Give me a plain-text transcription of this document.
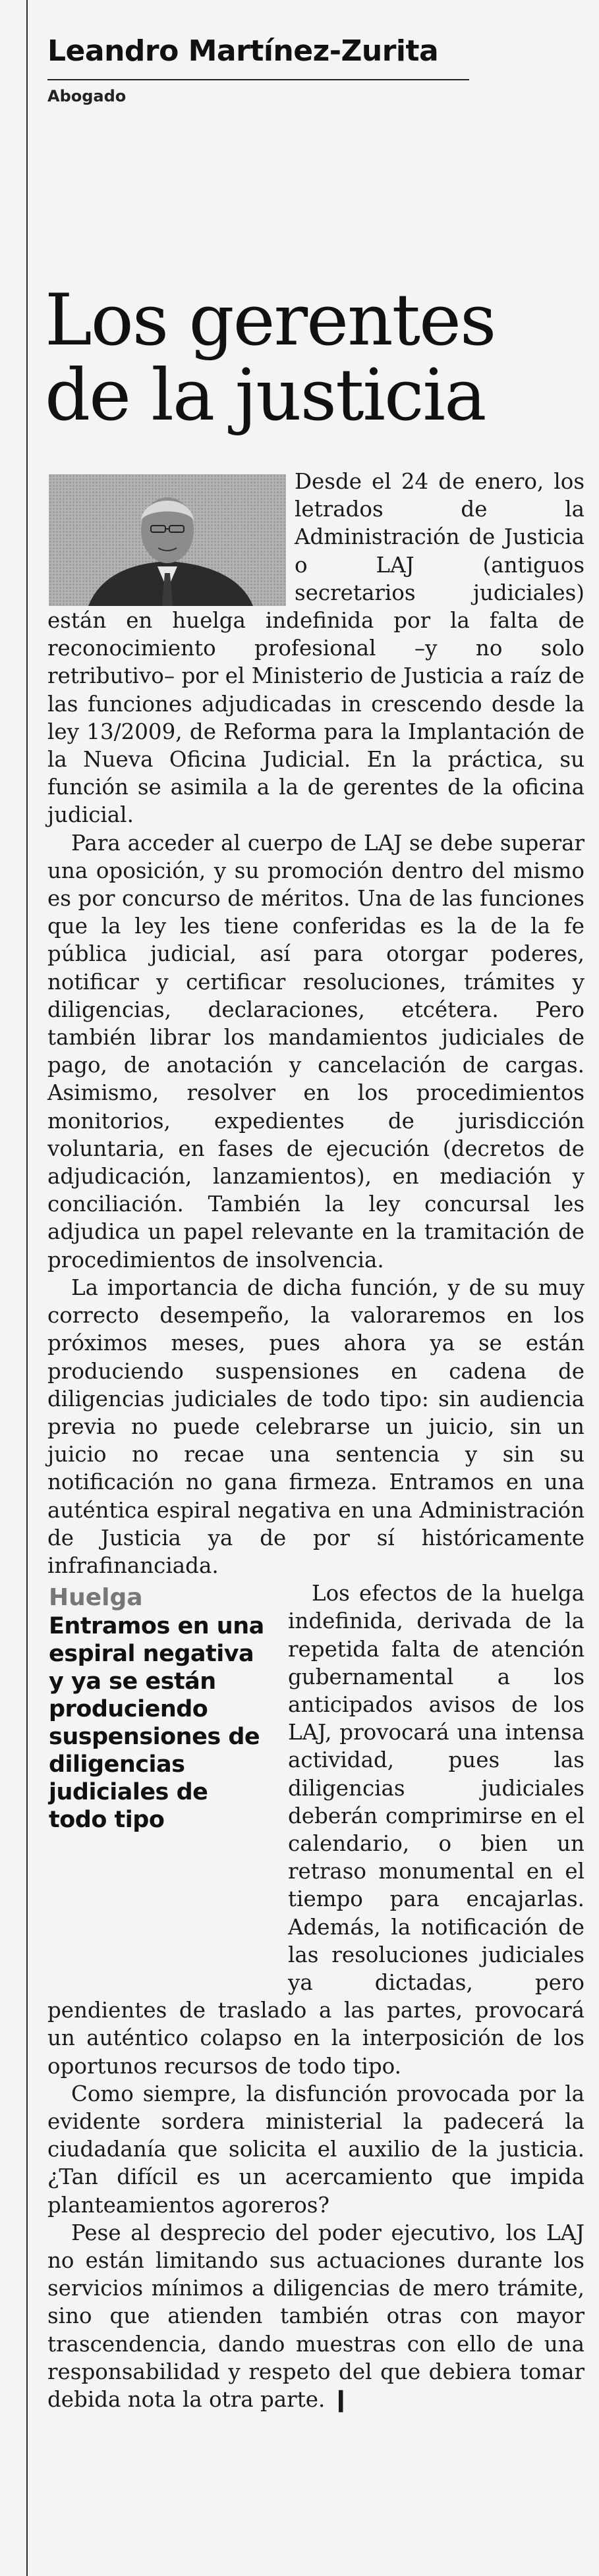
Leandro Martínez-Zurita
Abogado
Los gerentes
de la justicia
Huelga
Entramos en una espiral negativa y ya se están produciendo suspensiones de diligencias judiciales de todo tipo

Desde el 24 de enero, los letrados de la Administración de Justicia o LAJ (antiguos secretarios judiciales) están en huelga indefinida por la falta de reconocimiento profesional –y no solo retributivo– por el Ministerio de Justicia a raíz de las funciones adjudicadas in crescendo desde la ley 13/2009, de Reforma para la Implantación de la Nueva Oficina Judicial. En la práctica, su función se asimila a la de gerentes de la oficina judicial.

Para acceder al cuerpo de LAJ se debe superar una oposición, y su promoción dentro del mismo es por concurso de méritos. Una de las funciones que la ley les tiene conferidas es la de la fe pública judicial, así para otorgar poderes, notificar y certificar resoluciones, trámites y diligencias, declaraciones, etcétera. Pero también librar los mandamientos judiciales de pago, de anotación y cancelación de cargas. Asimismo, resolver en los procedimientos monitorios, expedientes de jurisdicción voluntaria, en fases de ejecución (decretos de adjudicación, lanzamientos), en mediación y conciliación. También la ley concursal les adjudica un papel relevante en la tramitación de procedimientos de insolvencia.

La importancia de dicha función, y de su muy correcto desempeño, la valoraremos en los próximos meses, pues ahora ya se están produciendo suspensiones en cadena de diligencias judiciales de todo tipo: sin audiencia previa no puede celebrarse un juicio, sin un juicio no recae una sentencia y sin su notificación no gana firmeza. Entramos en una auténtica espiral negativa en una Administración de Justicia ya de por sí históricamente infrafinanciada.

Los efectos de la huelga indefinida, derivada de la repetida falta de atención gubernamental a los anticipados avisos de los LAJ, provocará una intensa actividad, pues las diligencias judiciales deberán comprimirse en el calendario, o bien un retraso monumental en el tiempo para encajarlas. Además, la notificación de las resoluciones judiciales ya dictadas, pero pendientes de traslado a las partes, provocará un auténtico colapso en la interposición de los oportunos recursos de todo tipo.

Como siempre, la disfunción provocada por la evidente sordera ministerial la padecerá la ciudadanía que solicita el auxilio de la justicia. ¿Tan difícil es un acercamiento que impida planteamientos agoreros?

Pese al desprecio del poder ejecutivo, los LAJ no están limitando sus actuaciones durante los servicios mínimos a diligencias de mero trámite, sino que atienden también otras con mayor trascendencia, dando muestras con ello de una responsabilidad y respeto del que debiera tomar debida nota la otra parte. ❙
